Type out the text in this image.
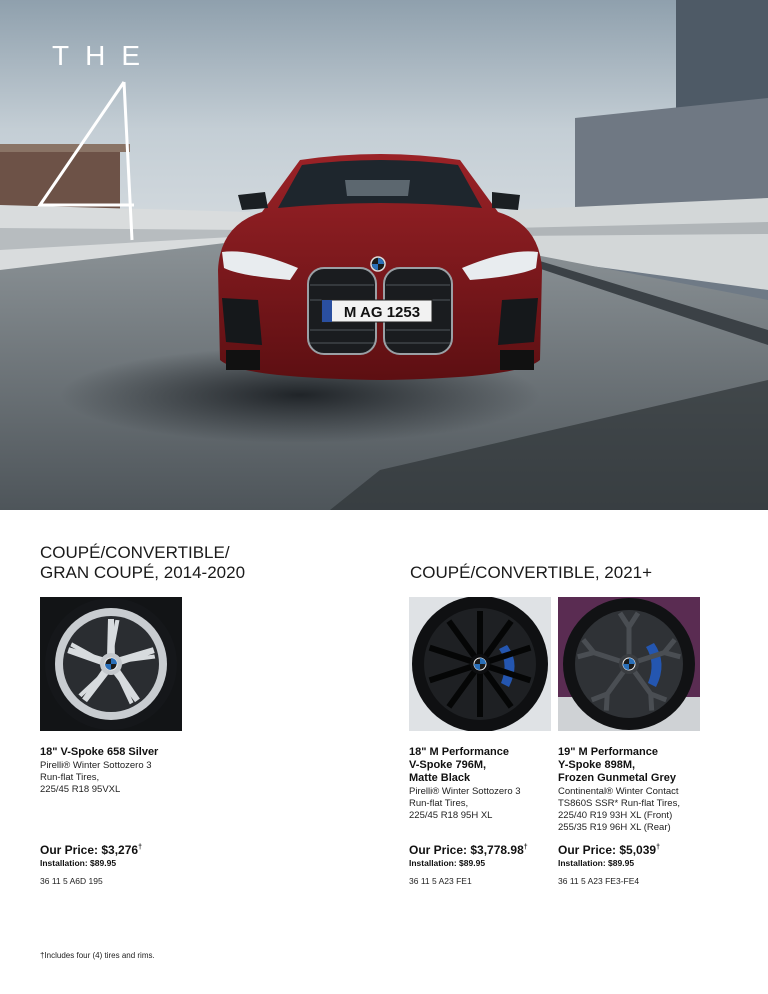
M AG 1253
THE
COUPÉ/CONVERTIBLE/
GRAN COUPÉ, 2014-2020	COUPÉ/CONVERTIBLE, 2021+
18" V-Spoke 658 Silver
Pirelli® Winter Sottozero 3
Run-flat Tires,
225/45 R18 95VXL
Our Price: $3,276†
Installation: $89.95
36 11 5 A6D 195
18" M Performance
V-Spoke 796M,
Matte Black
Pirelli® Winter Sottozero 3
Run-flat Tires,
225/45 R18 95H XL
Our Price: $3,778.98†
Installation: $89.95
36 11 5 A23 FE1
19" M Performance
Y-Spoke 898M,
Frozen Gunmetal Grey
Continental® Winter Contact
TS860S SSR* Run-flat Tires,
225/40 R19 93H XL (Front)
255/35 R19 96H XL (Rear)
Our Price: $5,039†
Installation: $89.95
36 11 5 A23 FE3-FE4
†Includes four (4) tires and rims.
